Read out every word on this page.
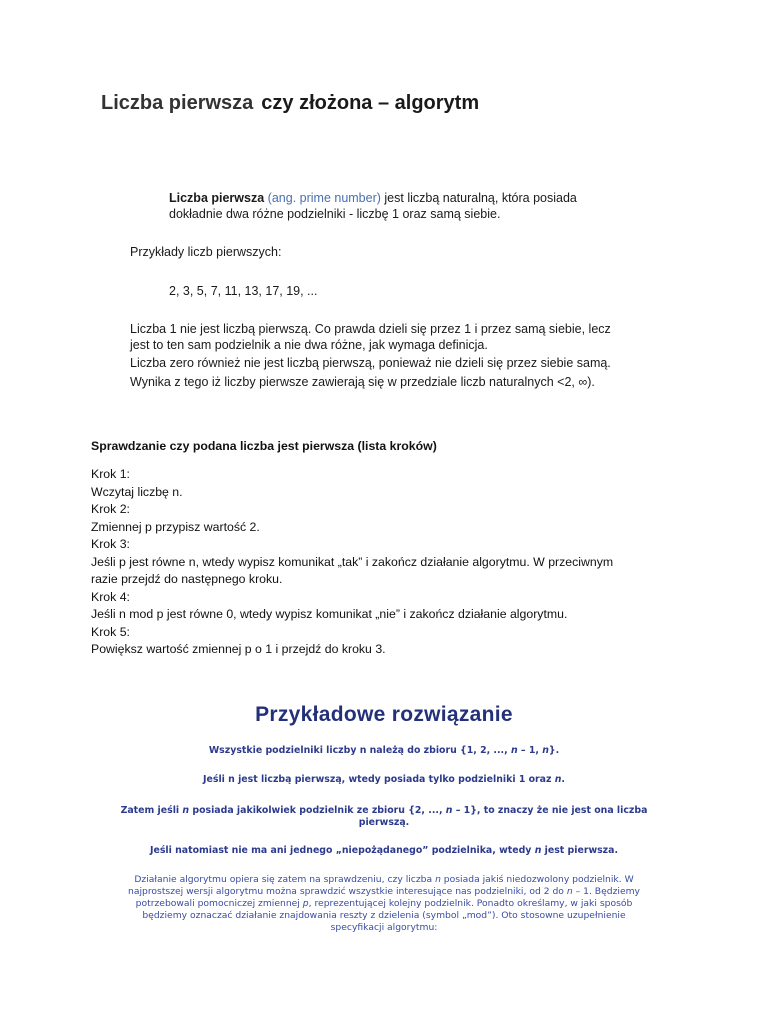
Liczba pierwsza czy złożona – algorytm
Liczba pierwsza (ang. prime number) jest liczbą naturalną, która posiada
dokładnie dwa różne podzielniki - liczbę 1 oraz samą siebie.
Przykłady liczb pierwszych:
2, 3, 5, 7, 11, 13, 17, 19, ...
Liczba 1 nie jest liczbą pierwszą. Co prawda dzieli się przez 1 i przez samą siebie, lecz
jest to ten sam podzielnik a nie dwa różne, jak wymaga definicja.
Liczba zero również nie jest liczbą pierwszą, ponieważ nie dzieli się przez siebie samą.
Wynika z tego iż liczby pierwsze zawierają się w przedziale liczb naturalnych <2, ∞).
Sprawdzanie czy podana liczba jest pierwsza (lista kroków)
Krok 1:
Wczytaj liczbę n.
Krok 2:
Zmiennej p przypisz wartość 2.
Krok 3:
Jeśli p jest równe n, wtedy wypisz komunikat „tak” i zakończ działanie algorytmu. W przeciwnym
razie przejdź do następnego kroku.
Krok 4:
Jeśli n mod p jest równe 0, wtedy wypisz komunikat „nie” i zakończ działanie algorytmu.
Krok 5:
Powiększ wartość zmiennej p o 1 i przejdź do kroku 3.
Przykładowe rozwiązanie
Wszystkie podzielniki liczby n należą do zbioru {1, 2, ..., n – 1, n}.
Jeśli n jest liczbą pierwszą, wtedy posiada tylko podzielniki 1 oraz n.
Zatem jeśli n posiada jakikolwiek podzielnik ze zbioru {2, ..., n – 1}, to znaczy że nie jest ona liczba
pierwszą.
Jeśli natomiast nie ma ani jednego „niepożądanego” podzielnika, wtedy n jest pierwsza.
Działanie algorytmu opiera się zatem na sprawdzeniu, czy liczba n posiada jakiś niedozwolony podzielnik. W
najprostszej wersji algorytmu można sprawdzić wszystkie interesujące nas podzielniki, od 2 do n – 1. Będziemy
potrzebowali pomocniczej zmiennej p, reprezentującej kolejny podzielnik. Ponadto określamy, w jaki sposób
będziemy oznaczać działanie znajdowania reszty z dzielenia (symbol „mod”). Oto stosowne uzupełnienie
specyfikacji algorytmu:
